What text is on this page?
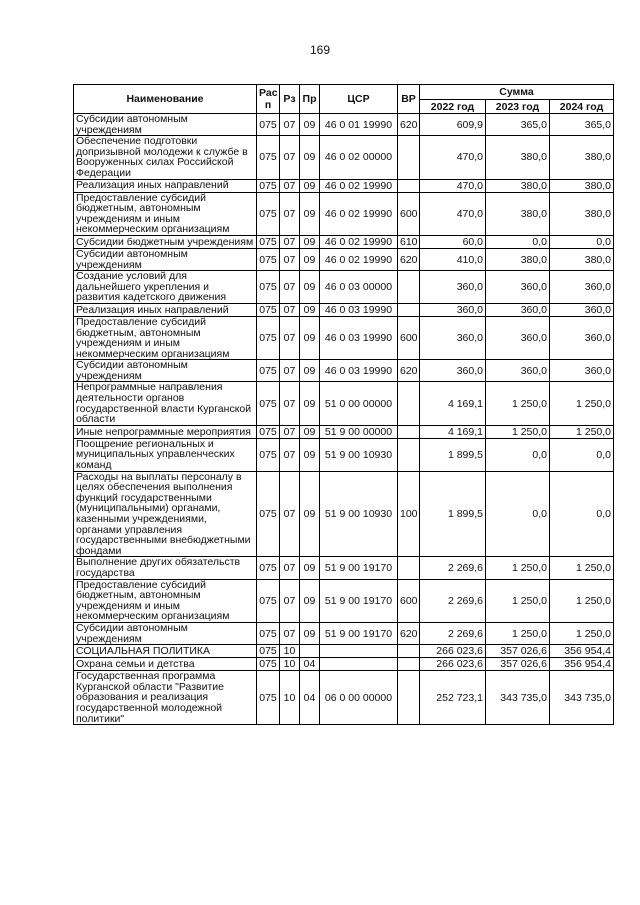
169
Наименование	Рас п	Рз	Пр	ЦСР	ВР	Сумма		
						2022 год	2023 год	2024 год
Субсидии автономным учреждениям	075	07	09	46 0 01 19990	620	609,9	365,0	365,0
Обеспечение подготовки допризывной молодежи к службе в Вооруженных силах Российской Федерации	075	07	09	46 0 02 00000		470,0	380,0	380,0
Реализация иных направлений	075	07	09	46 0 02 19990		470,0	380,0	380,0
Предоставление субсидий бюджетным, автономным учреждениям и иным некоммерческим организациям	075	07	09	46 0 02 19990	600	470,0	380,0	380,0
Субсидии бюджетным учреждениям	075	07	09	46 0 02 19990	610	60,0	0,0	0,0
Субсидии автономным учреждениям	075	07	09	46 0 02 19990	620	410,0	380,0	380,0
Создание условий для дальнейшего укрепления и развития кадетского движения	075	07	09	46 0 03 00000		360,0	360,0	360,0
Реализация иных направлений	075	07	09	46 0 03 19990		360,0	360,0	360,0
Предоставление субсидий бюджетным, автономным учреждениям и иным некоммерческим организациям	075	07	09	46 0 03 19990	600	360,0	360,0	360,0
Субсидии автономным учреждениям	075	07	09	46 0 03 19990	620	360,0	360,0	360,0
Непрограммные направления деятельности органов государственной власти Курганской области	075	07	09	51 0 00 00000		4 169,1	1 250,0	1 250,0
Иные непрограммные мероприятия	075	07	09	51 9 00 00000		4 169,1	1 250,0	1 250,0
Поощрение региональных и муниципальных управленческих команд	075	07	09	51 9 00 10930		1 899,5	0,0	0,0
Расходы на выплаты персоналу в целях обеспечения выполнения функций государственными (муниципальными) органами, казенными учреждениями, органами управления государственными внебюджетными фондами	075	07	09	51 9 00 10930	100	1 899,5	0,0	0,0
Выполнение других обязательств государства	075	07	09	51 9 00 19170		2 269,6	1 250,0	1 250,0
Предоставление субсидий бюджетным, автономным учреждениям и иным некоммерческим организациям	075	07	09	51 9 00 19170	600	2 269,6	1 250,0	1 250,0
Субсидии автономным учреждениям	075	07	09	51 9 00 19170	620	2 269,6	1 250,0	1 250,0
СОЦИАЛЬНАЯ ПОЛИТИКА	075	10				266 023,6	357 026,6	356 954,4
Охрана семьи и детства	075	10	04			266 023,6	357 026,6	356 954,4
Государственная программа Курганской области "Развитие образования и реализация государственной молодежной политики"	075	10	04	06 0 00 00000		252 723,1	343 735,0	343 735,0
